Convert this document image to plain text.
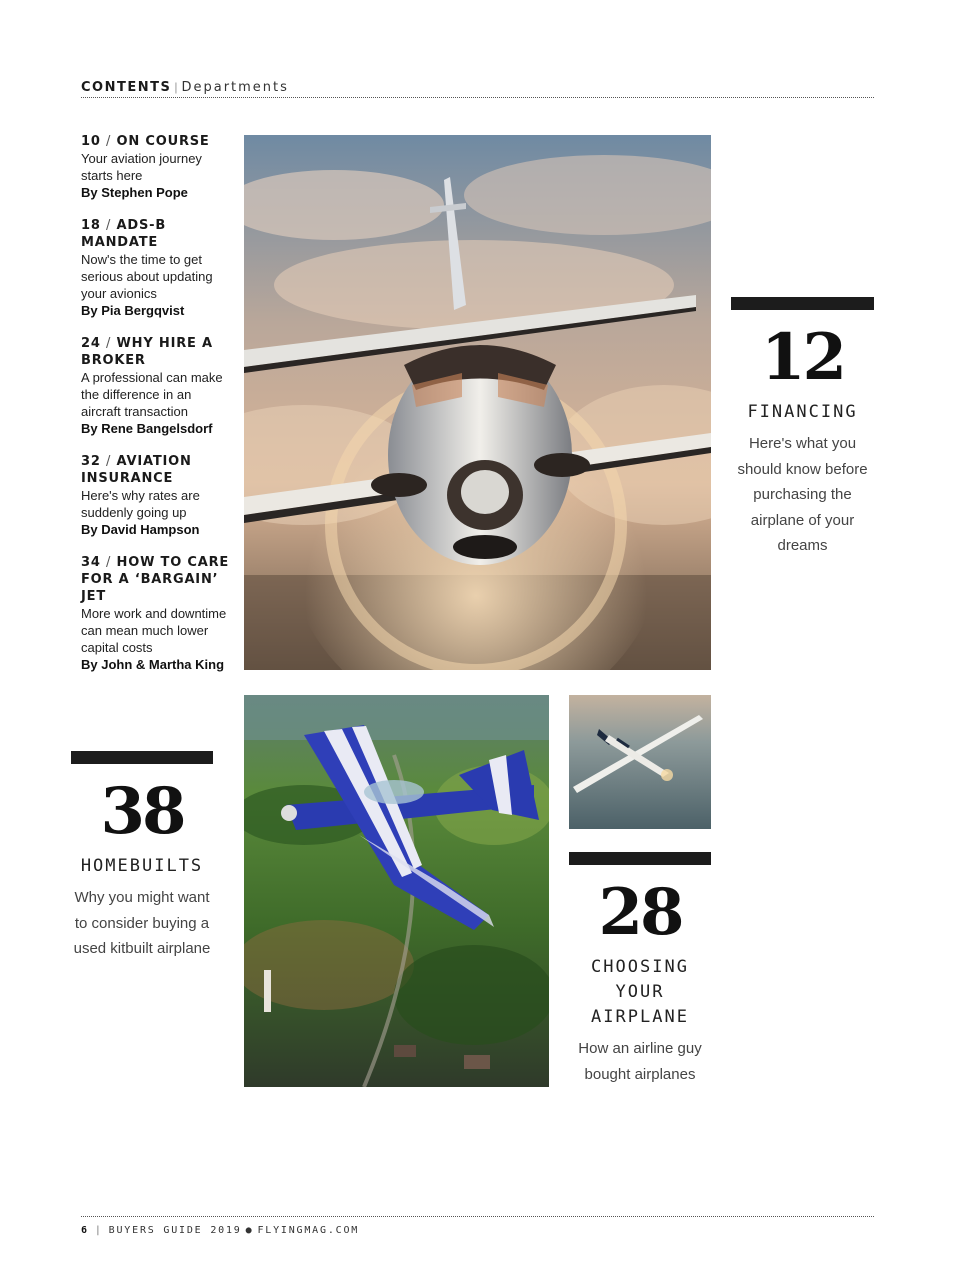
CONTENTS | Departments
10 / ON COURSE
Your aviation journey starts here
By Stephen Pope
18 / ADS-B MANDATE
Now's the time to get serious about updating your avionics
By Pia Bergqvist
24 / WHY HIRE A BROKER
A professional can make the difference in an aircraft transaction
By Rene Bangelsdorf
32 / AVIATION INSURANCE
Here's why rates are suddenly going up
By David Hampson
34 / HOW TO CARE FOR A ‘BARGAIN’ JET
More work and downtime can mean much lower capital costs
By John & Martha King
12
FINANCING
Here's what you should know before purchasing the airplane of your dreams
38
HOMEBUILTS
Why you might want to consider buying a used kitbuilt airplane	28
CHOOSING YOUR AIRPLANE
How an airline guy bought airplanes
6 | BUYERS GUIDE 2019 ● FLYINGMAG.COM
